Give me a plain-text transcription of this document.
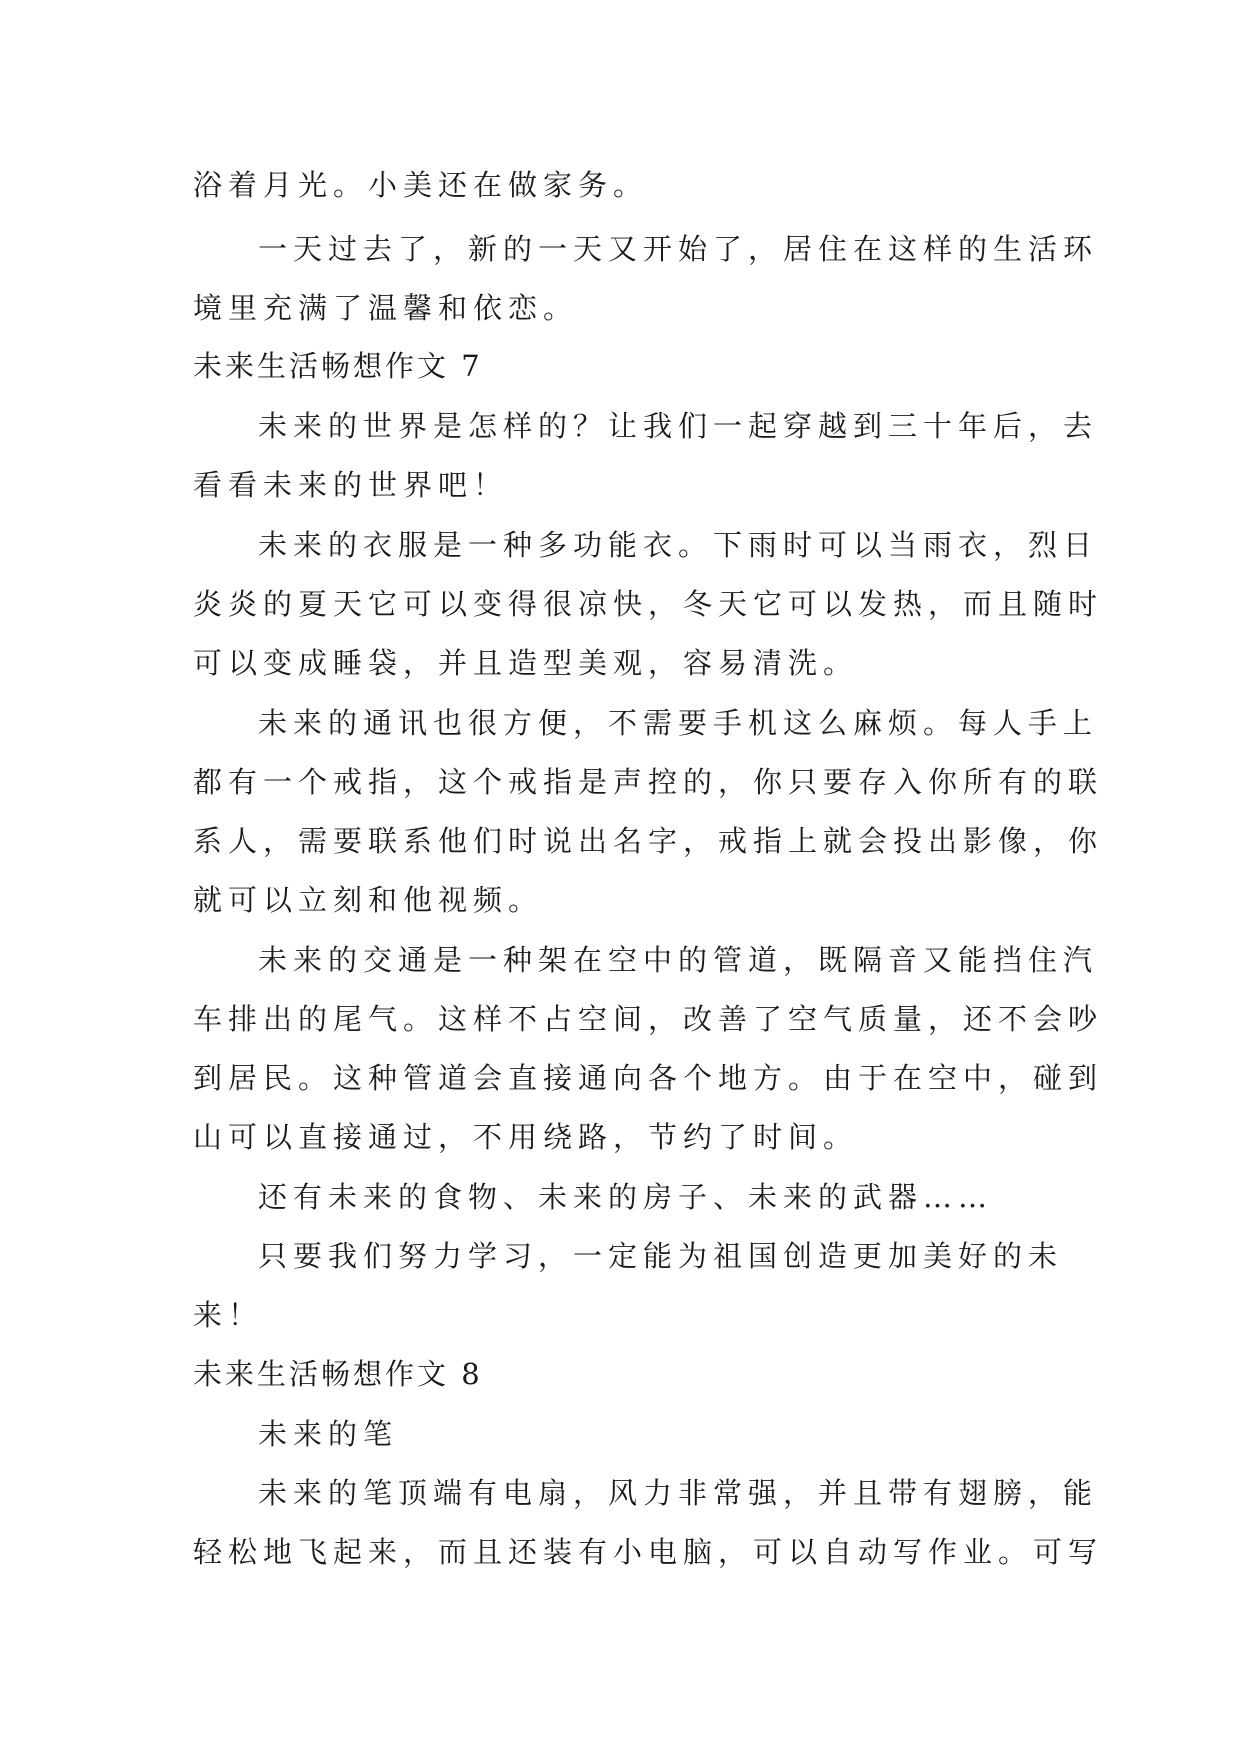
浴着月光。小美还在做家务。
一天过去了，新的一天又开始了，居住在这样的生活环
境里充满了温馨和依恋。
未来生活畅想作文 7
未来的世界是怎样的？让我们一起穿越到三十年后，去
看看未来的世界吧！
未来的衣服是一种多功能衣。下雨时可以当雨衣，烈日
炎炎的夏天它可以变得很凉快，冬天它可以发热，而且随时
可以变成睡袋，并且造型美观，容易清洗。
未来的通讯也很方便，不需要手机这么麻烦。每人手上
都有一个戒指，这个戒指是声控的，你只要存入你所有的联
系人，需要联系他们时说出名字，戒指上就会投出影像，你
就可以立刻和他视频。
未来的交通是一种架在空中的管道，既隔音又能挡住汽
车排出的尾气。这样不占空间，改善了空气质量，还不会吵
到居民。这种管道会直接通向各个地方。由于在空中，碰到
山可以直接通过，不用绕路，节约了时间。
还有未来的食物、未来的房子、未来的武器……
只要我们努力学习，一定能为祖国创造更加美好的未
来！
未来生活畅想作文 8
未来的笔
未来的笔顶端有电扇，风力非常强，并且带有翅膀，能
轻松地飞起来，而且还装有小电脑，可以自动写作业。可写
